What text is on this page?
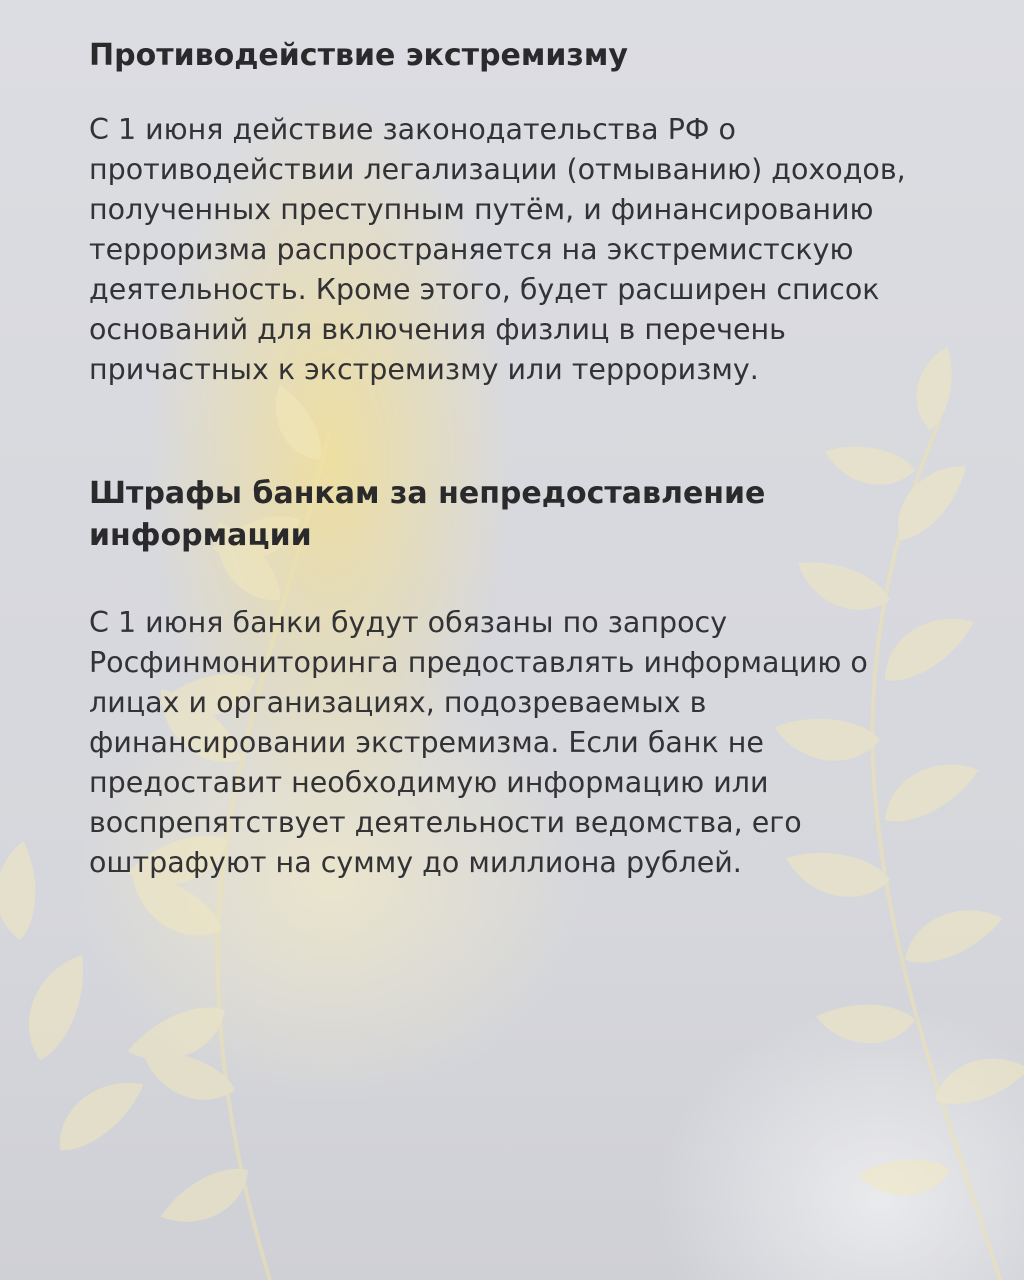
Противодействие экстремизму
С 1 июня действие законодательства РФ о
противодействии легализации (отмыванию) доходов,
полученных преступным путём, и финансированию
терроризма распространяется на экстремистскую
деятельность. Кроме этого, будет расширен список
оснований для включения физлиц в перечень
причастных к экстремизму или терроризму.
Штрафы банкам за непредоставление
информации
С 1 июня банки будут обязаны по запросу
Росфинмониторинга предоставлять информацию о
лицах и организациях, подозреваемых в
финансировании экстремизма. Если банк не
предоставит необходимую информацию или
воспрепятствует деятельности ведомства, его
оштрафуют на сумму до миллиона рублей.
